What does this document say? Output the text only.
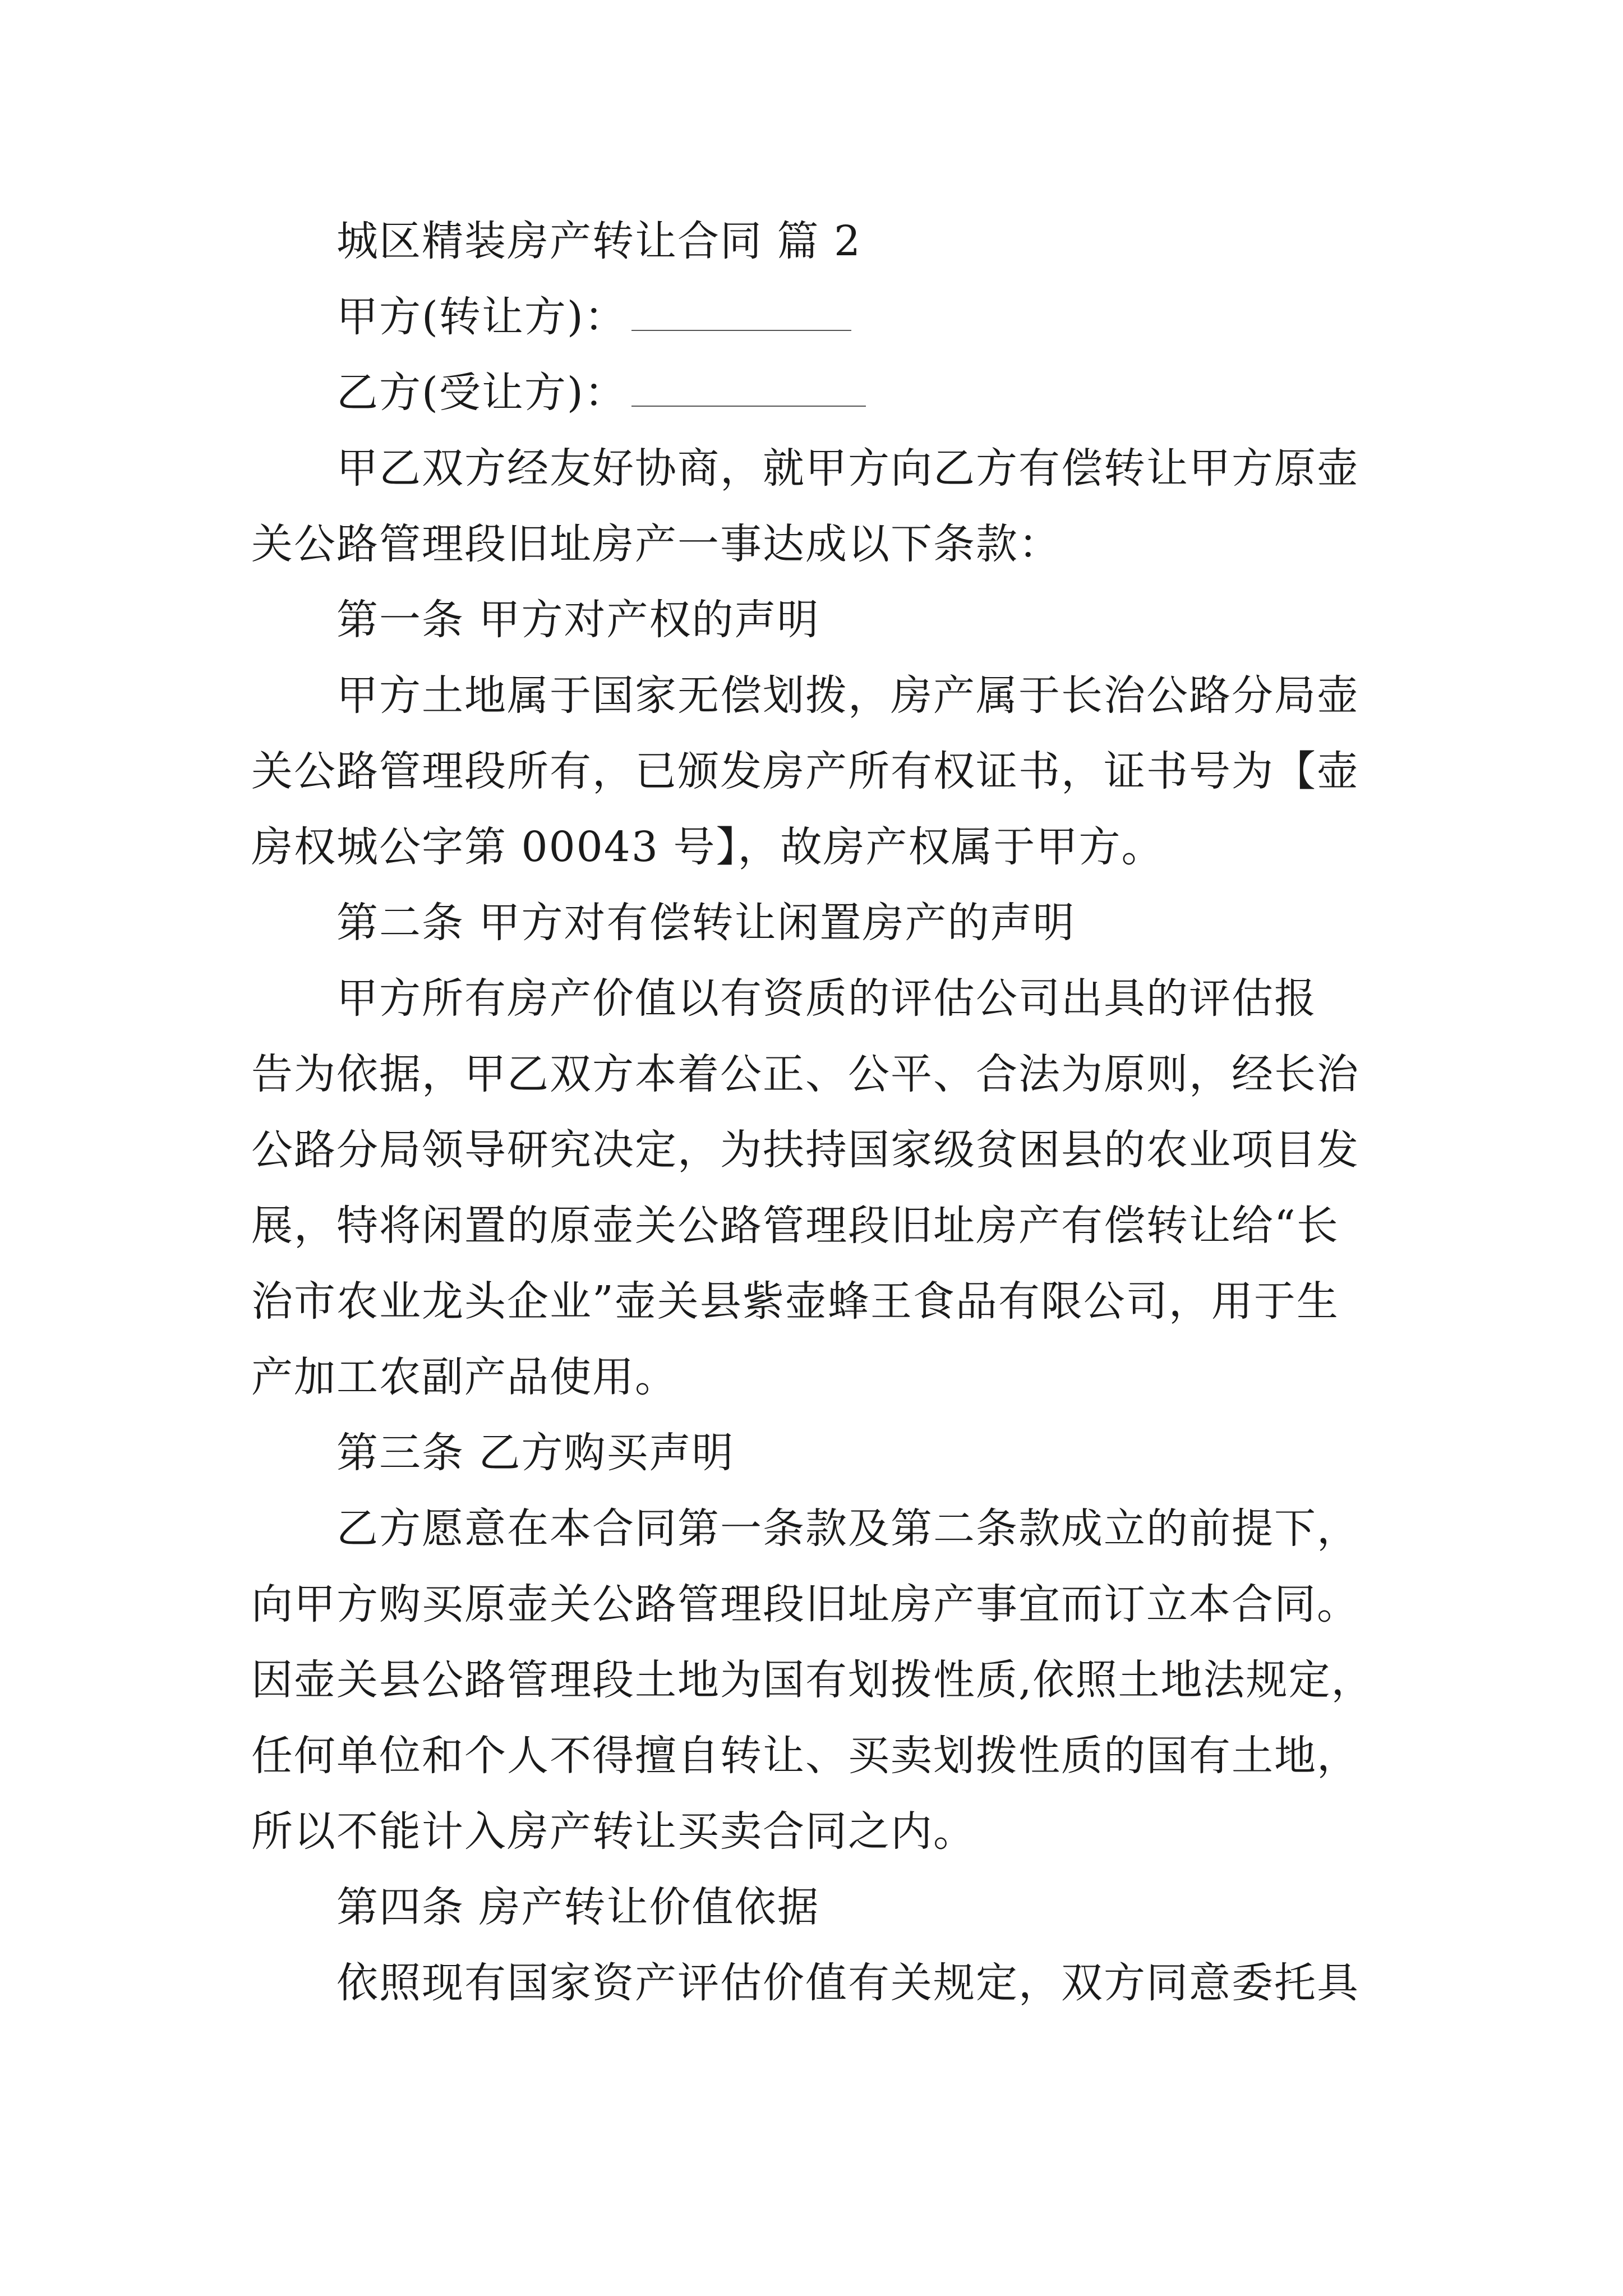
城区精装房产转让合同 篇 2
甲方(转让方)：
乙方(受让方)：
甲乙双方经友好协商，就甲方向乙方有偿转让甲方原壶
关公路管理段旧址房产一事达成以下条款：
第一条 甲方对产权的声明
甲方土地属于国家无偿划拨，房产属于长治公路分局壶
关公路管理段所有，已颁发房产所有权证书，证书号为【壶
房权城公字第 00043 号】，故房产权属于甲方。
第二条 甲方对有偿转让闲置房产的声明
甲方所有房产价值以有资质的评估公司出具的评估报
告为依据，甲乙双方本着公正、公平、合法为原则，经长治
公路分局领导研究决定，为扶持国家级贫困县的农业项目发
展，特将闲置的原壶关公路管理段旧址房产有偿转让给“长
治市农业龙头企业”壶关县紫壶蜂王食品有限公司，用于生
产加工农副产品使用。
第三条 乙方购买声明
乙方愿意在本合同第一条款及第二条款成立的前提下，
向甲方购买原壶关公路管理段旧址房产事宜而订立本合同。
因壶关县公路管理段土地为国有划拨性质,依照土地法规定，
任何单位和个人不得擅自转让、买卖划拨性质的国有土地，
所以不能计入房产转让买卖合同之内。
第四条 房产转让价值依据
依照现有国家资产评估价值有关规定，双方同意委托具
